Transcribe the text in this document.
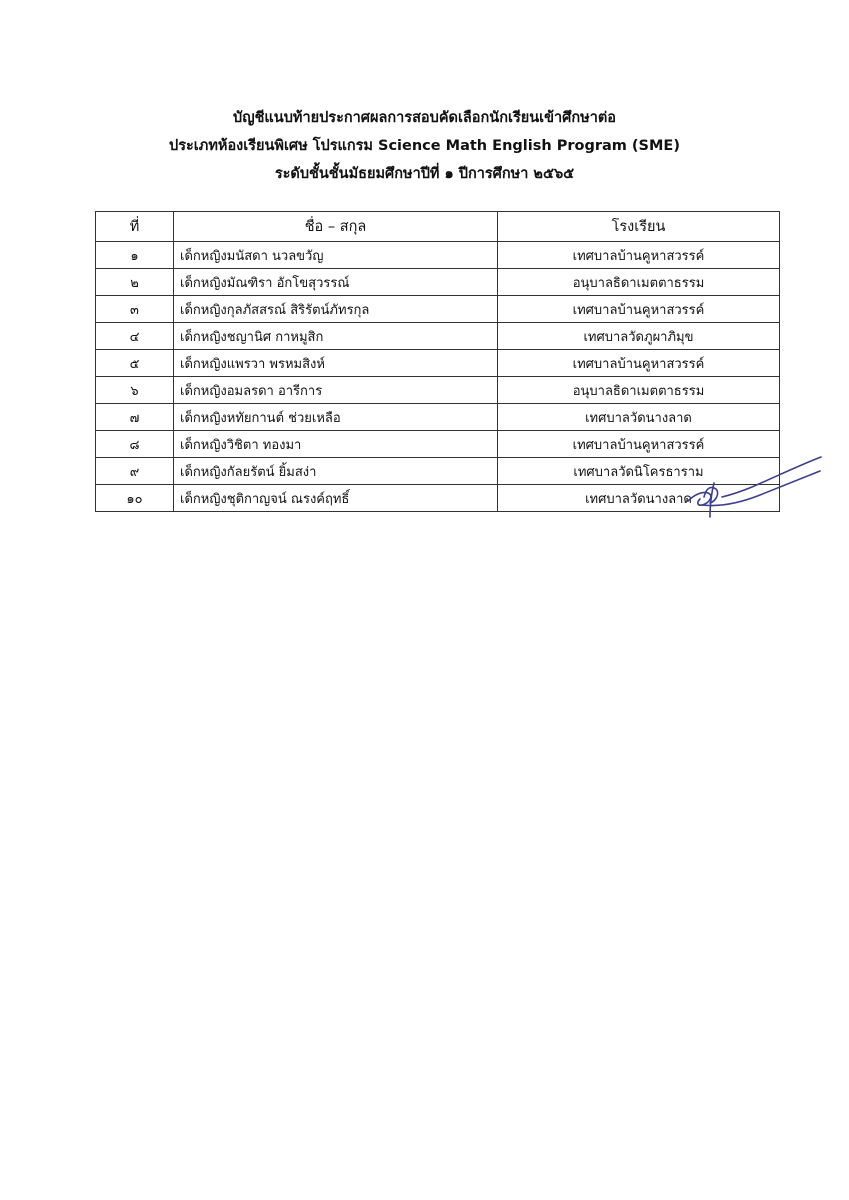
บัญชีแนบท้ายประกาศผลการสอบคัดเลือกนักเรียนเข้าศึกษาต่อ
ประเภทห้องเรียนพิเศษ โปรแกรม Science Math English Program (SME)
ระดับชั้นชั้นมัธยมศึกษาปีที่ ๑ ปีการศึกษา ๒๕๖๕
ที่	ชื่อ – สกุล	โรงเรียน
๑	เด็กหญิงมนัสดา นวลขวัญ	เทศบาลบ้านคูหาสวรรค์
๒	เด็กหญิงมัณฑิรา อักโขสุวรรณ์	อนุบาลธิดาเมตตาธรรม
๓	เด็กหญิงกุลภัสสรณ์ สิริรัตน์ภัทรกุล	เทศบาลบ้านคูหาสวรรค์
๔	เด็กหญิงชญานิศ กาหมูสิก	เทศบาลวัดภูผาภิมุข
๕	เด็กหญิงแพรวา พรหมสิงห์	เทศบาลบ้านคูหาสวรรค์
๖	เด็กหญิงอมลรดา อารีการ	อนุบาลธิดาเมตตาธรรม
๗	เด็กหญิงหทัยกานต์ ช่วยเหลือ	เทศบาลวัดนางลาด
๘	เด็กหญิงวิชิตา ทองมา	เทศบาลบ้านคูหาสวรรค์
๙	เด็กหญิงกัลยรัตน์ ยิ้มสง่า	เทศบาลวัดนิโครธาราม
๑๐	เด็กหญิงชุติกาญจน์ ณรงค์ฤทธิ์	เทศบาลวัดนางลาด
